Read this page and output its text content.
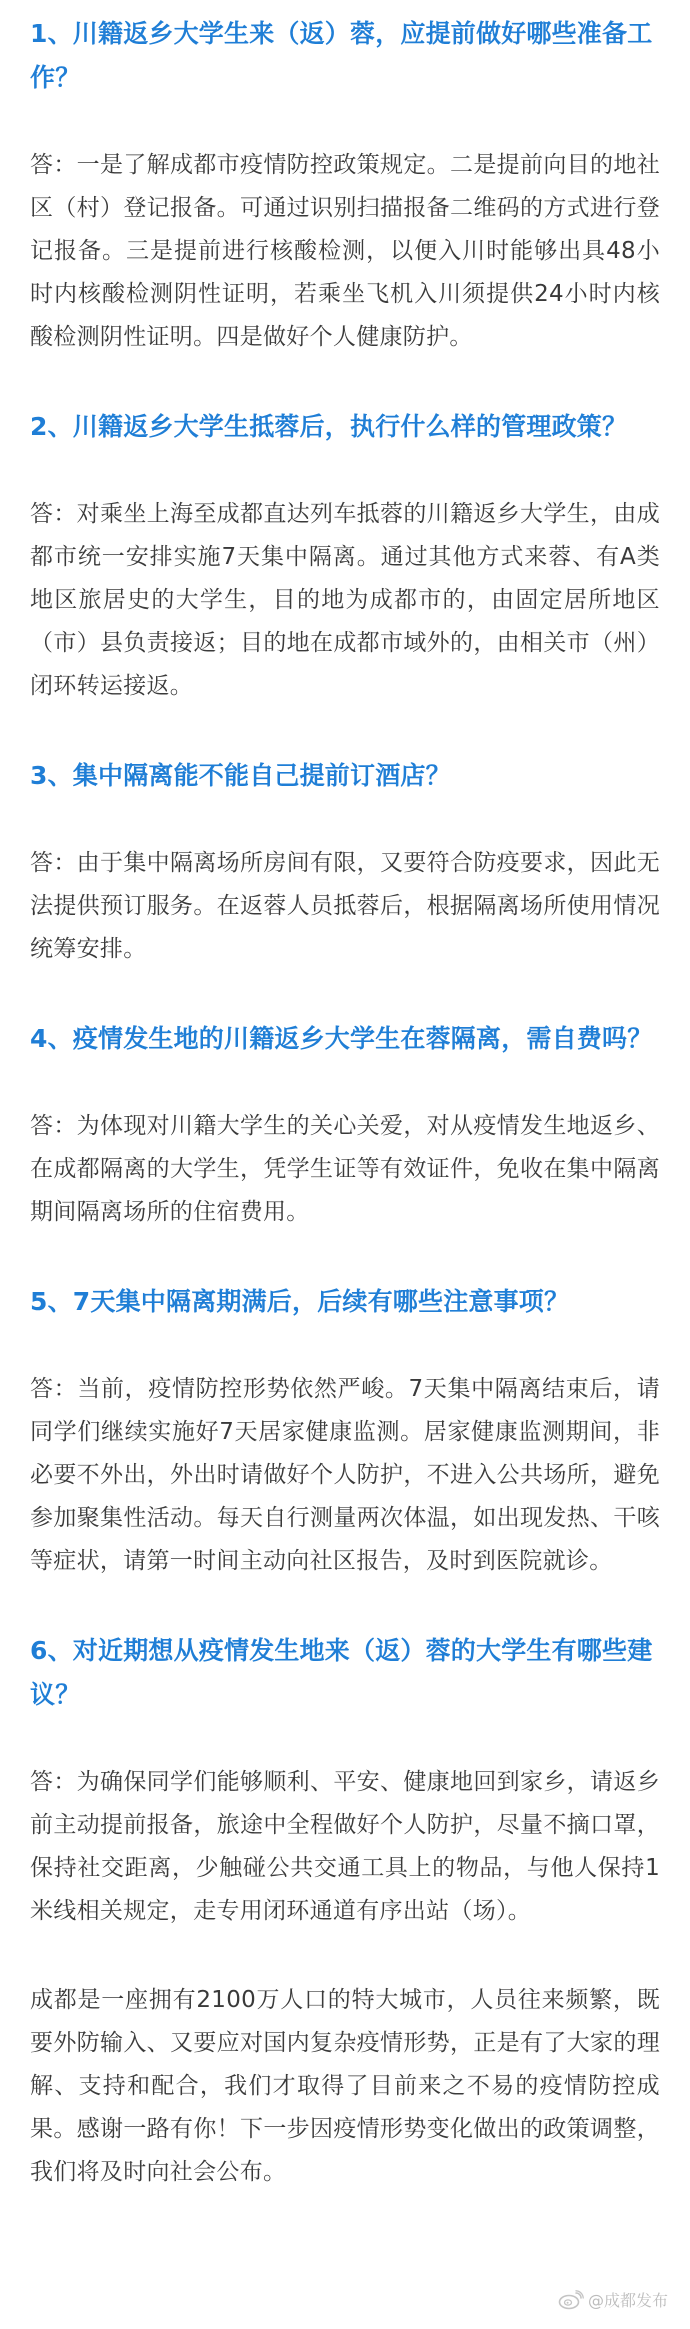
1、川籍返乡大学生来（返）蓉，应提前做好哪些准备工作？

答：一是了解成都市疫情防控政策规定。二是提前向目的地社区（村）登记报备。可通过识别扫描报备二维码的方式进行登记报备。三是提前进行核酸检测，以便入川时能够出具48小时内核酸检测阴性证明，若乘坐飞机入川须提供24小时内核酸检测阴性证明。四是做好个人健康防护。

2、川籍返乡大学生抵蓉后，执行什么样的管理政策？

答：对乘坐上海至成都直达列车抵蓉的川籍返乡大学生，由成都市统一安排实施7天集中隔离。通过其他方式来蓉、有A类地区旅居史的大学生，目的地为成都市的，由固定居所地区（市）县负责接返；目的地在成都市域外的，由相关市（州）闭环转运接返。

3、集中隔离能不能自己提前订酒店？

答：由于集中隔离场所房间有限，又要符合防疫要求，因此无法提供预订服务。在返蓉人员抵蓉后，根据隔离场所使用情况统筹安排。

4、疫情发生地的川籍返乡大学生在蓉隔离，需自费吗？

答：为体现对川籍大学生的关心关爱，对从疫情发生地返乡、在成都隔离的大学生，凭学生证等有效证件，免收在集中隔离期间隔离场所的住宿费用。

5、7天集中隔离期满后，后续有哪些注意事项？

答：当前，疫情防控形势依然严峻。7天集中隔离结束后，请同学们继续实施好7天居家健康监测。居家健康监测期间，非必要不外出，外出时请做好个人防护，不进入公共场所，避免参加聚集性活动。每天自行测量两次体温，如出现发热、干咳等症状，请第一时间主动向社区报告，及时到医院就诊。

6、对近期想从疫情发生地来（返）蓉的大学生有哪些建议？

答：为确保同学们能够顺利、平安、健康地回到家乡，请返乡前主动提前报备，旅途中全程做好个人防护，尽量不摘口罩，保持社交距离，少触碰公共交通工具上的物品，与他人保持1米线相关规定，走专用闭环通道有序出站（场）。

成都是一座拥有2100万人口的特大城市，人员往来频繁，既要外防输入、又要应对国内复杂疫情形势，正是有了大家的理解、支持和配合，我们才取得了目前来之不易的疫情防控成果。感谢一路有你！下一步因疫情形势变化做出的政策调整，我们将及时向社会公布。

@成都发布
